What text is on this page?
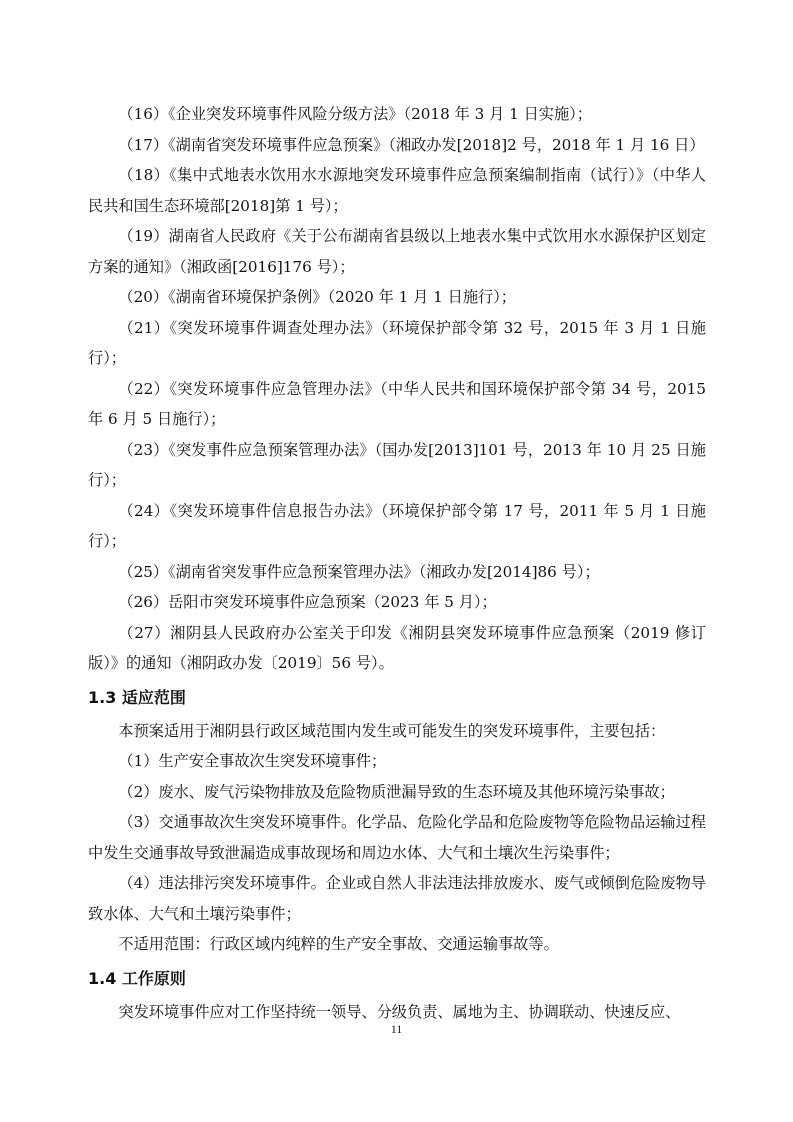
（16）《企业突发环境事件风险分级方法》（2018 年 3 月 1 日实施）；

（17）《湖南省突发环境事件应急预案》（湘政办发[2018]2 号，2018 年 1 月 16 日）

（18）《集中式地表水饮用水水源地突发环境事件应急预案编制指南（试行）》（中华人民共和国生态环境部[2018]第 1 号）；

（19）湖南省人民政府《关于公布湖南省县级以上地表水集中式饮用水水源保护区划定方案的通知》（湘政函[2016]176 号）；

（20）《湖南省环境保护条例》（2020 年 1 月 1 日施行）；

（21）《突发环境事件调查处理办法》（环境保护部令第 32 号，2015 年 3 月 1 日施行）；

（22）《突发环境事件应急管理办法》（中华人民共和国环境保护部令第 34 号，2015 年 6 月 5 日施行）；

（23）《突发事件应急预案管理办法》（国办发[2013]101 号，2013 年 10 月 25 日施行）；

（24）《突发环境事件信息报告办法》（环境保护部令第 17 号，2011 年 5 月 1 日施行）；

（25）《湖南省突发事件应急预案管理办法》（湘政办发[2014]86 号）；

（26）岳阳市突发环境事件应急预案（2023 年 5 月）；

（27）湘阴县人民政府办公室关于印发《湘阴县突发环境事件应急预案（2019 修订版）》的通知（湘阴政办发〔2019〕56 号）。

1.3 适应范围

本预案适用于湘阴县行政区域范围内发生或可能发生的突发环境事件，主要包括：

（1）生产安全事故次生突发环境事件；

（2）废水、废气污染物排放及危险物质泄漏导致的生态环境及其他环境污染事故；

（3）交通事故次生突发环境事件。化学品、危险化学品和危险废物等危险物品运输过程中发生交通事故导致泄漏造成事故现场和周边水体、大气和土壤次生污染事件；

（4）违法排污突发环境事件。企业或自然人非法违法排放废水、废气或倾倒危险废物导致水体、大气和土壤污染事件；

不适用范围：行政区域内纯粹的生产安全事故、交通运输事故等。

1.4 工作原则

突发环境事件应对工作坚持统一领导、分级负责、属地为主、协调联动、快速反应、

11
